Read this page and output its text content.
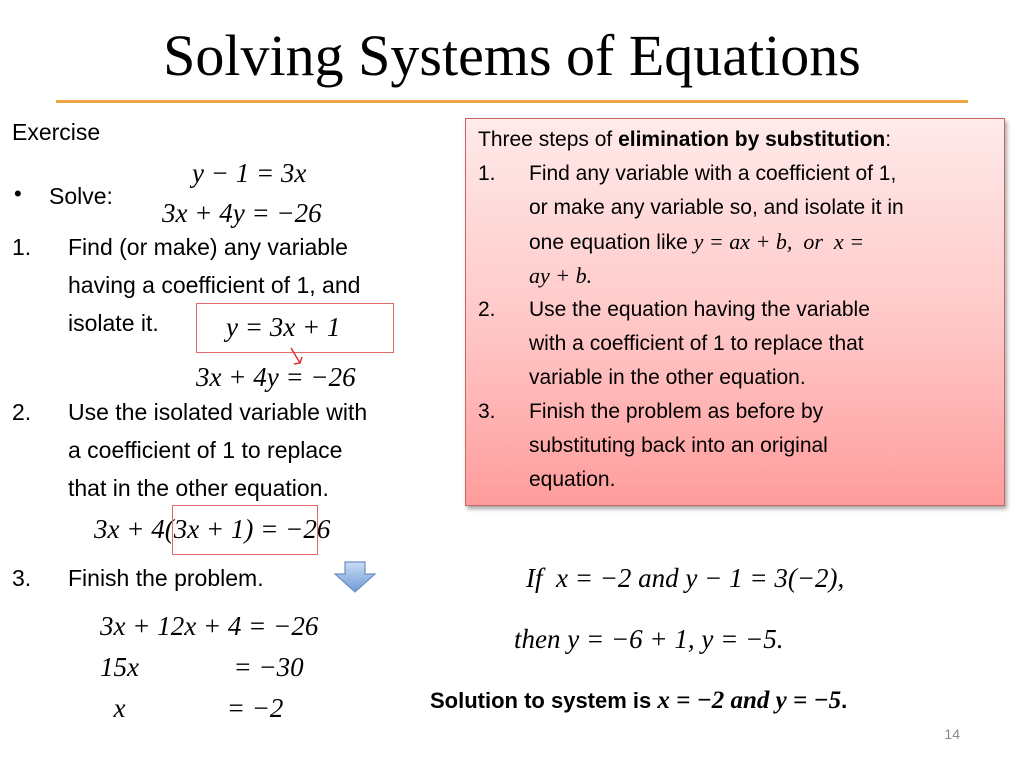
Solving Systems of Equations
Exercise
• Solve:
y − 1 = 3x
3x + 4y = −26
1.	Find (or make) any variable
having a coefficient of 1, and
isolate it. y = 3x + 1
3x + 4y = −26
2.	Use the isolated variable with
a coefficient of 1 to replace
that in the other equation.
3x + 4(3x + 1) = −26
3.	Finish the problem.
3x + 12x + 4 = −26
15x              = −30
x               = −2
If  x = −2 and y − 1 = 3(−2),
then y = −6 + 1, y = −5.
Solution to system is x = −2 and y = −5.
Three steps of elimination by substitution:
1. Find any variable with a coefficient of 1,
or make any variable so, and isolate it in
one equation like y = ax + b,  or  x =
ay + b.
2. Use the equation having the variable
with a coefficient of 1 to replace that
variable in the other equation.
3. Finish the problem as before by
substituting back into an original
equation.
14
